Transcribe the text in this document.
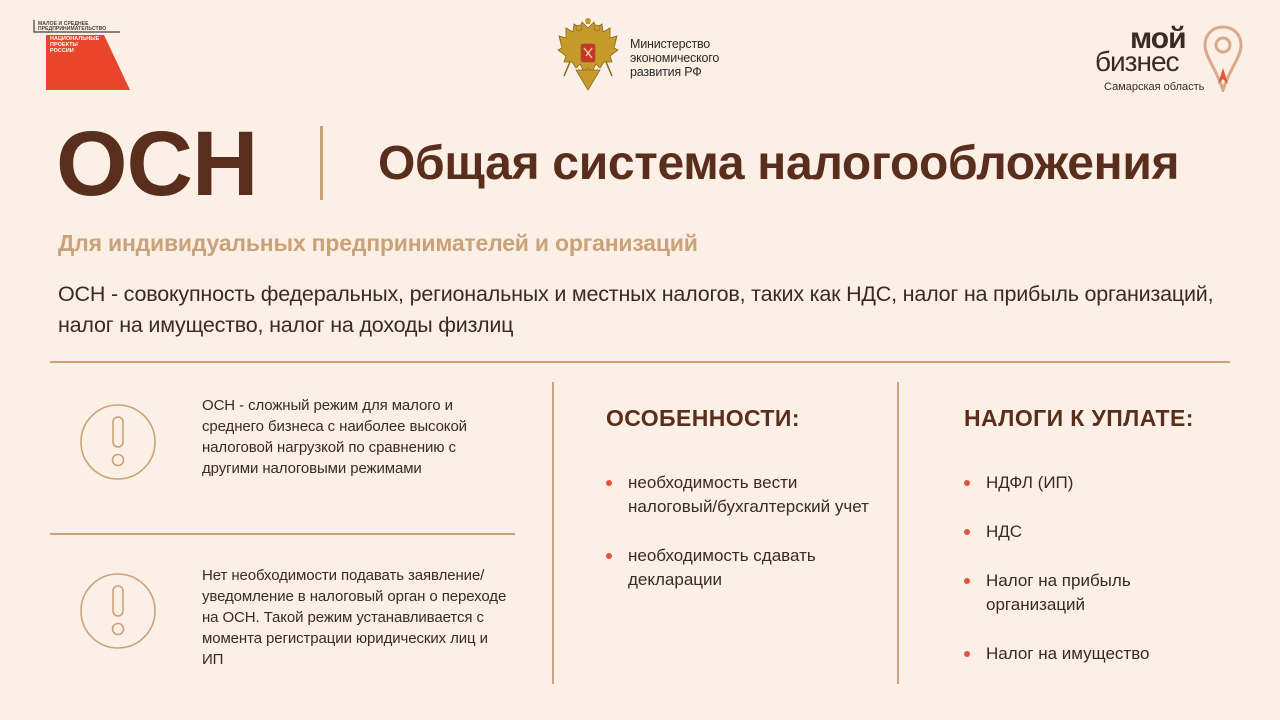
МАЛОЕ И СРЕДНЕЕ ПРЕДПРИНИМАТЕЛЬСТВО
НАЦИОНАЛЬНЫЕ ПРОЕКТЫ РОССИИ	Министерство
экономического
развития РФ
мой
бизнес
Самарская область
ОСН	Общая система налогообложения
Для индивидуальных предпринимателей и организаций
ОСН - совокупность федеральных, региональных и местных налогов, таких как НДС, налог на прибыль организаций, налог на имущество, налог на доходы физлиц
ОСН - сложный режим для малого и среднего бизнеса с наиболее высокой налоговой нагрузкой по сравнению с другими налоговыми режимами
Нет необходимости подавать заявление/уведомление в налоговый орган о переходе на ОСН. Такой режим устанавливается с момента регистрации юридических лиц и ИП
ОСОБЕННОСТИ:
необходимость вести налоговый/бухгалтерский учет
необходимость сдавать декларации
НАЛОГИ К УПЛАТЕ:
НДФЛ (ИП)
НДС
Налог на прибыль организаций
Налог на имущество
